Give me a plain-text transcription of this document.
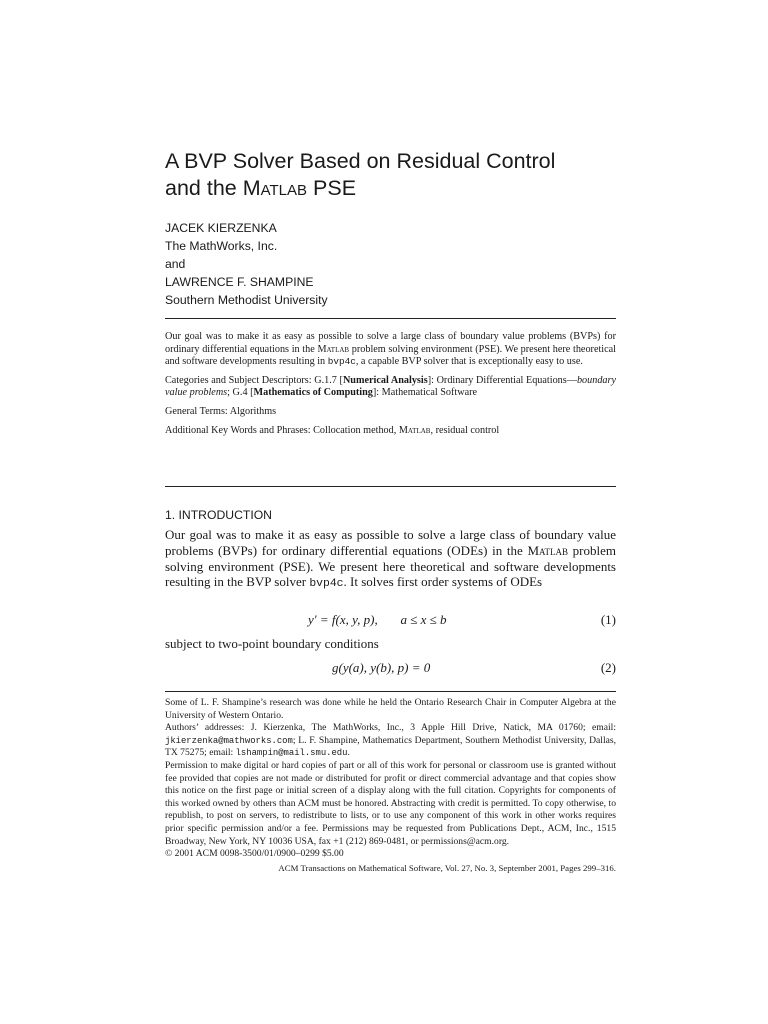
A BVP Solver Based on Residual Control
and the Matlab PSE
JACEK KIERZENKA
The MathWorks, Inc.
and
LAWRENCE F. SHAMPINE
Southern Methodist University

Our goal was to make it as easy as possible to solve a large class of boundary value problems (BVPs) for ordinary differential equations in the Matlab problem solving environment (PSE). We present here theoretical and software developments resulting in bvp4c, a capable BVP solver that is exceptionally easy to use.

Categories and Subject Descriptors: G.1.7 [Numerical Analysis]: Ordinary Differential Equations—boundary value problems; G.4 [Mathematics of Computing]: Mathematical Software

General Terms: Algorithms

Additional Key Words and Phrases: Collocation method, Matlab, residual control

1. INTRODUCTION

Our goal was to make it as easy as possible to solve a large class of boundary value problems (BVPs) for ordinary differential equations (ODEs) in the Matlab problem solving environment (PSE). We present here theoretical and software developments resulting in the BVP solver bvp4c. It solves first order systems of ODEs

y′ = f(x, y, p), a ≤ x ≤ b	(1)

subject to two-point boundary conditions

g(y(a), y(b), p) = 0	(2)

Some of L. F. Shampine’s research was done while he held the Ontario Research Chair in Computer Algebra at the University of Western Ontario.

Authors’ addresses: J. Kierzenka, The MathWorks, Inc., 3 Apple Hill Drive, Natick, MA 01760; email: jkierzenka@mathworks.com; L. F. Shampine, Mathematics Department, Southern Methodist University, Dallas, TX 75275; email: lshampin@mail.smu.edu.

Permission to make digital or hard copies of part or all of this work for personal or classroom use is granted without fee provided that copies are not made or distributed for profit or direct commercial advantage and that copies show this notice on the first page or initial screen of a display along with the full citation. Copyrights for components of this worked owned by others than ACM must be honored. Abstracting with credit is permitted. To copy otherwise, to republish, to post on servers, to redistribute to lists, or to use any component of this work in other works requires prior specific permission and/or a fee. Permissions may be requested from Publications Dept., ACM, Inc., 1515 Broadway, New York, NY 10036 USA, fax +1 (212) 869-0481, or permissions@acm.org.

© 2001 ACM 0098-3500/01/0900–0299 $5.00

ACM Transactions on Mathematical Software, Vol. 27, No. 3, September 2001, Pages 299–316.
